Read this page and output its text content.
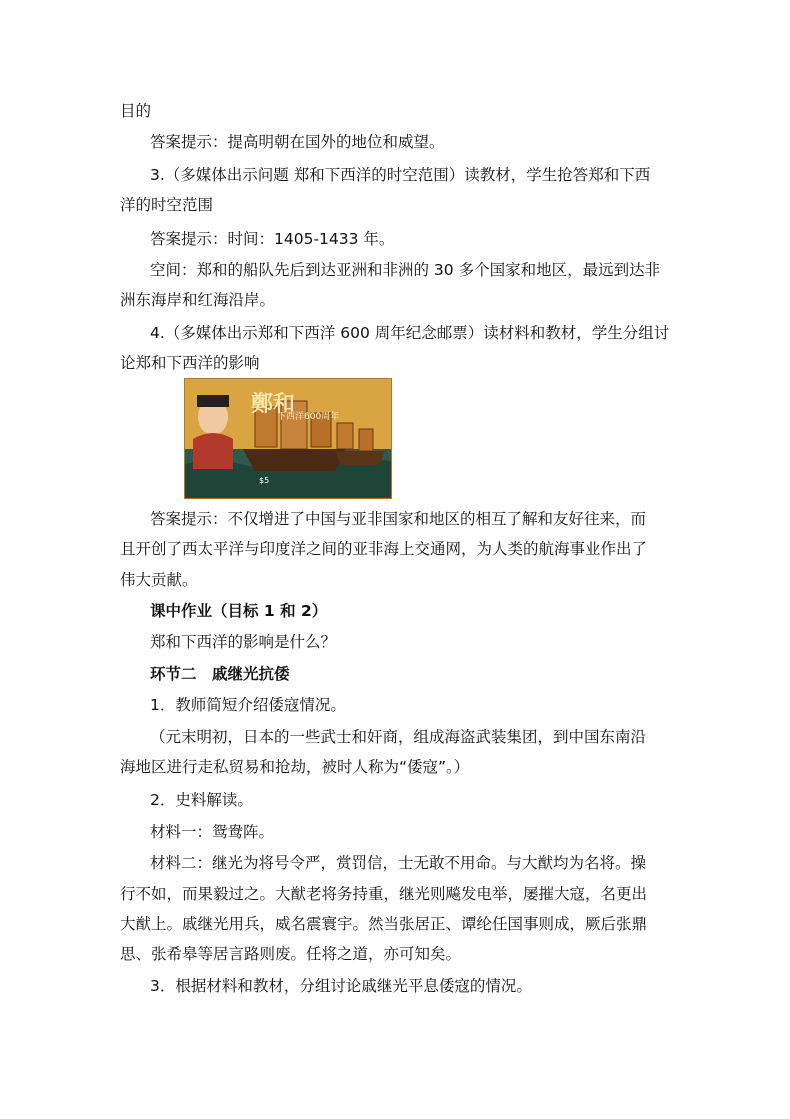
目的
答案提示：提高明朝在国外的地位和威望。
3.（多媒体出示问题 郑和下西洋的时空范围）读教材，学生抢答郑和下西
洋的时空范围
答案提示：时间：1405-1433 年。
空间：郑和的船队先后到达亚洲和非洲的 30 多个国家和地区，最远到达非
洲东海岸和红海沿岸。
4.（多媒体出示郑和下西洋 600 周年纪念邮票）读材料和教材，学生分组讨
论郑和下西洋的影响
鄭和
下西洋600周年
$5
答案提示：不仅增进了中国与亚非国家和地区的相互了解和友好往来，而
且开创了西太平洋与印度洋之间的亚非海上交通网，为人类的航海事业作出了
伟大贡献。
课中作业（目标 1 和 2）
郑和下西洋的影响是什么？
环节二　戚继光抗倭
1．教师简短介绍倭寇情况。
（元末明初，日本的一些武士和奸商，组成海盗武装集团，到中国东南沿
海地区进行走私贸易和抢劫，被时人称为“倭寇”。）
2．史料解读。
材料一：鸳鸯阵。
材料二：继光为将号令严，赏罚信，士无敢不用命。与大猷均为名将。操
行不如，而果毅过之。大猷老将务持重，继光则飚发电举，屡摧大寇，名更出
大猷上。戚继光用兵，威名震寰宇。然当张居正、谭纶任国事则成，厥后张鼎
思、张希皋等居言路则废。任将之道，亦可知矣。
3．根据材料和教材，分组讨论戚继光平息倭寇的情况。
